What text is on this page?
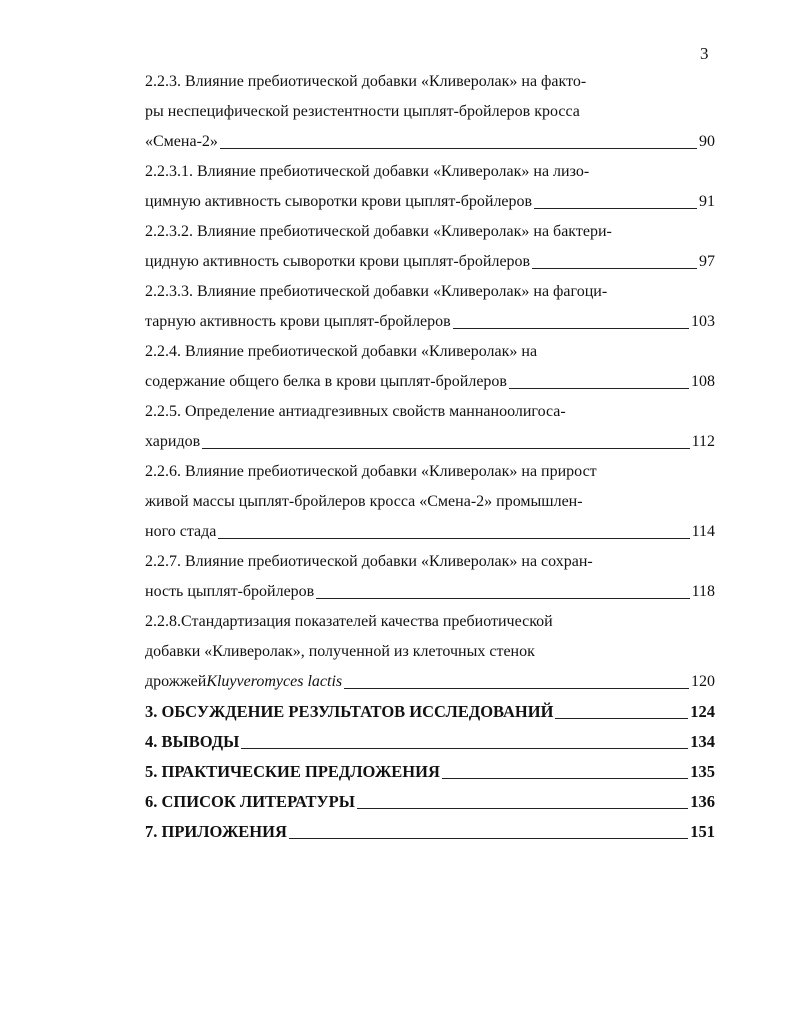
3
2.2.3. Влияние пребиотической добавки «Кливеролак» на факто-
ры неспецифической резистентности цыплят-бройлеров кросса
«Смена-2»	90
2.2.3.1. Влияние пребиотической добавки «Кливеролак» на лизо-
цимную активность сыворотки крови цыплят-бройлеров	91
2.2.3.2. Влияние пребиотической добавки «Кливеролак» на бактери-
цидную активность сыворотки крови цыплят-бройлеров	97
2.2.3.3. Влияние пребиотической добавки «Кливеролак» на фагоци-
тарную активность крови цыплят-бройлеров	103
2.2.4. Влияние пребиотической добавки «Кливеролак» на
содержание общего белка в крови цыплят-бройлеров	108
2.2.5. Определение антиадгезивных свойств маннаноолигоса-
харидов	112
2.2.6. Влияние пребиотической добавки «Кливеролак» на прирост
живой массы цыплят-бройлеров кросса «Смена-2» промышлен-
ного стада	114
2.2.7. Влияние пребиотической добавки «Кливеролак» на сохран-
ность цыплят-бройлеров	118
2.2.8.Стандартизация показателей качества пребиотической
добавки «Кливеролак», полученной из клеточных стенок
дрожжей Kluyveromyces lactis	120
3. ОБСУЖДЕНИЕ РЕЗУЛЬТАТОВ ИССЛЕДОВАНИЙ	124
4. ВЫВОДЫ	134
5. ПРАКТИЧЕСКИЕ ПРЕДЛОЖЕНИЯ	135
6. СПИСОК ЛИТЕРАТУРЫ	136
7. ПРИЛОЖЕНИЯ	151
